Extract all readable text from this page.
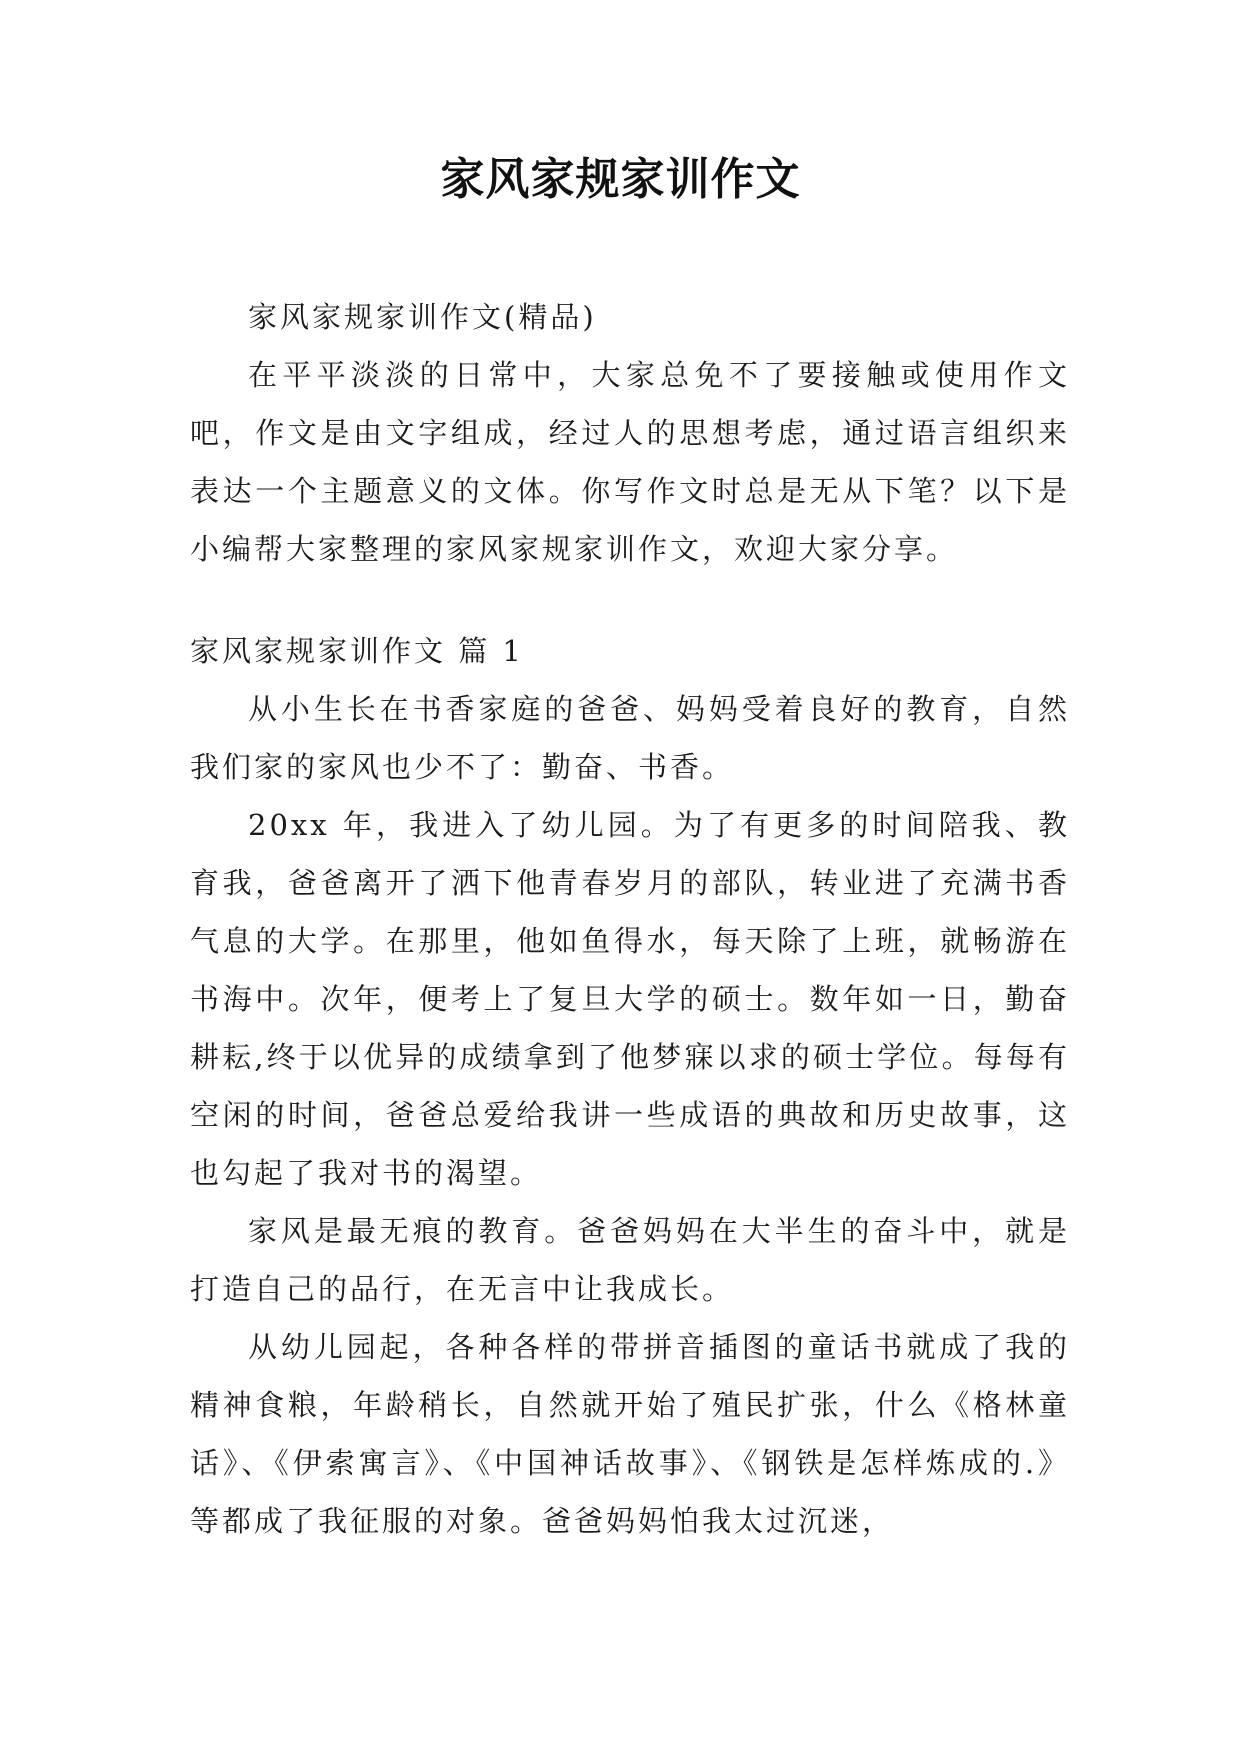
家风家规家训作文

家风家规家训作文(精品)

在平平淡淡的日常中，大家总免不了要接触或使用作文吧，作文是由文字组成，经过人的思想考虑，通过语言组织来表达一个主题意义的文体。你写作文时总是无从下笔？以下是小编帮大家整理的家风家规家训作文，欢迎大家分享。

家风家规家训作文 篇 1

从小生长在书香家庭的爸爸、妈妈受着良好的教育，自然我们家的家风也少不了：勤奋、书香。

20xx 年，我进入了幼儿园。为了有更多的时间陪我、教育我，爸爸离开了洒下他青春岁月的部队，转业进了充满书香气息的大学。在那里，他如鱼得水，每天除了上班，就畅游在书海中。次年，便考上了复旦大学的硕士。数年如一日，勤奋耕耘,终于以优异的成绩拿到了他梦寐以求的硕士学位。每每有空闲的时间，爸爸总爱给我讲一些成语的典故和历史故事，这也勾起了我对书的渴望。

家风是最无痕的教育。爸爸妈妈在大半生的奋斗中，就是打造自己的品行，在无言中让我成长。

从幼儿园起，各种各样的带拼音插图的童话书就成了我的精神食粮，年龄稍长，自然就开始了殖民扩张，什么《格林童话》、《伊索寓言》、《中国神话故事》、《钢铁是怎样炼成的.》等都成了我征服的对象。爸爸妈妈怕我太过沉迷，
